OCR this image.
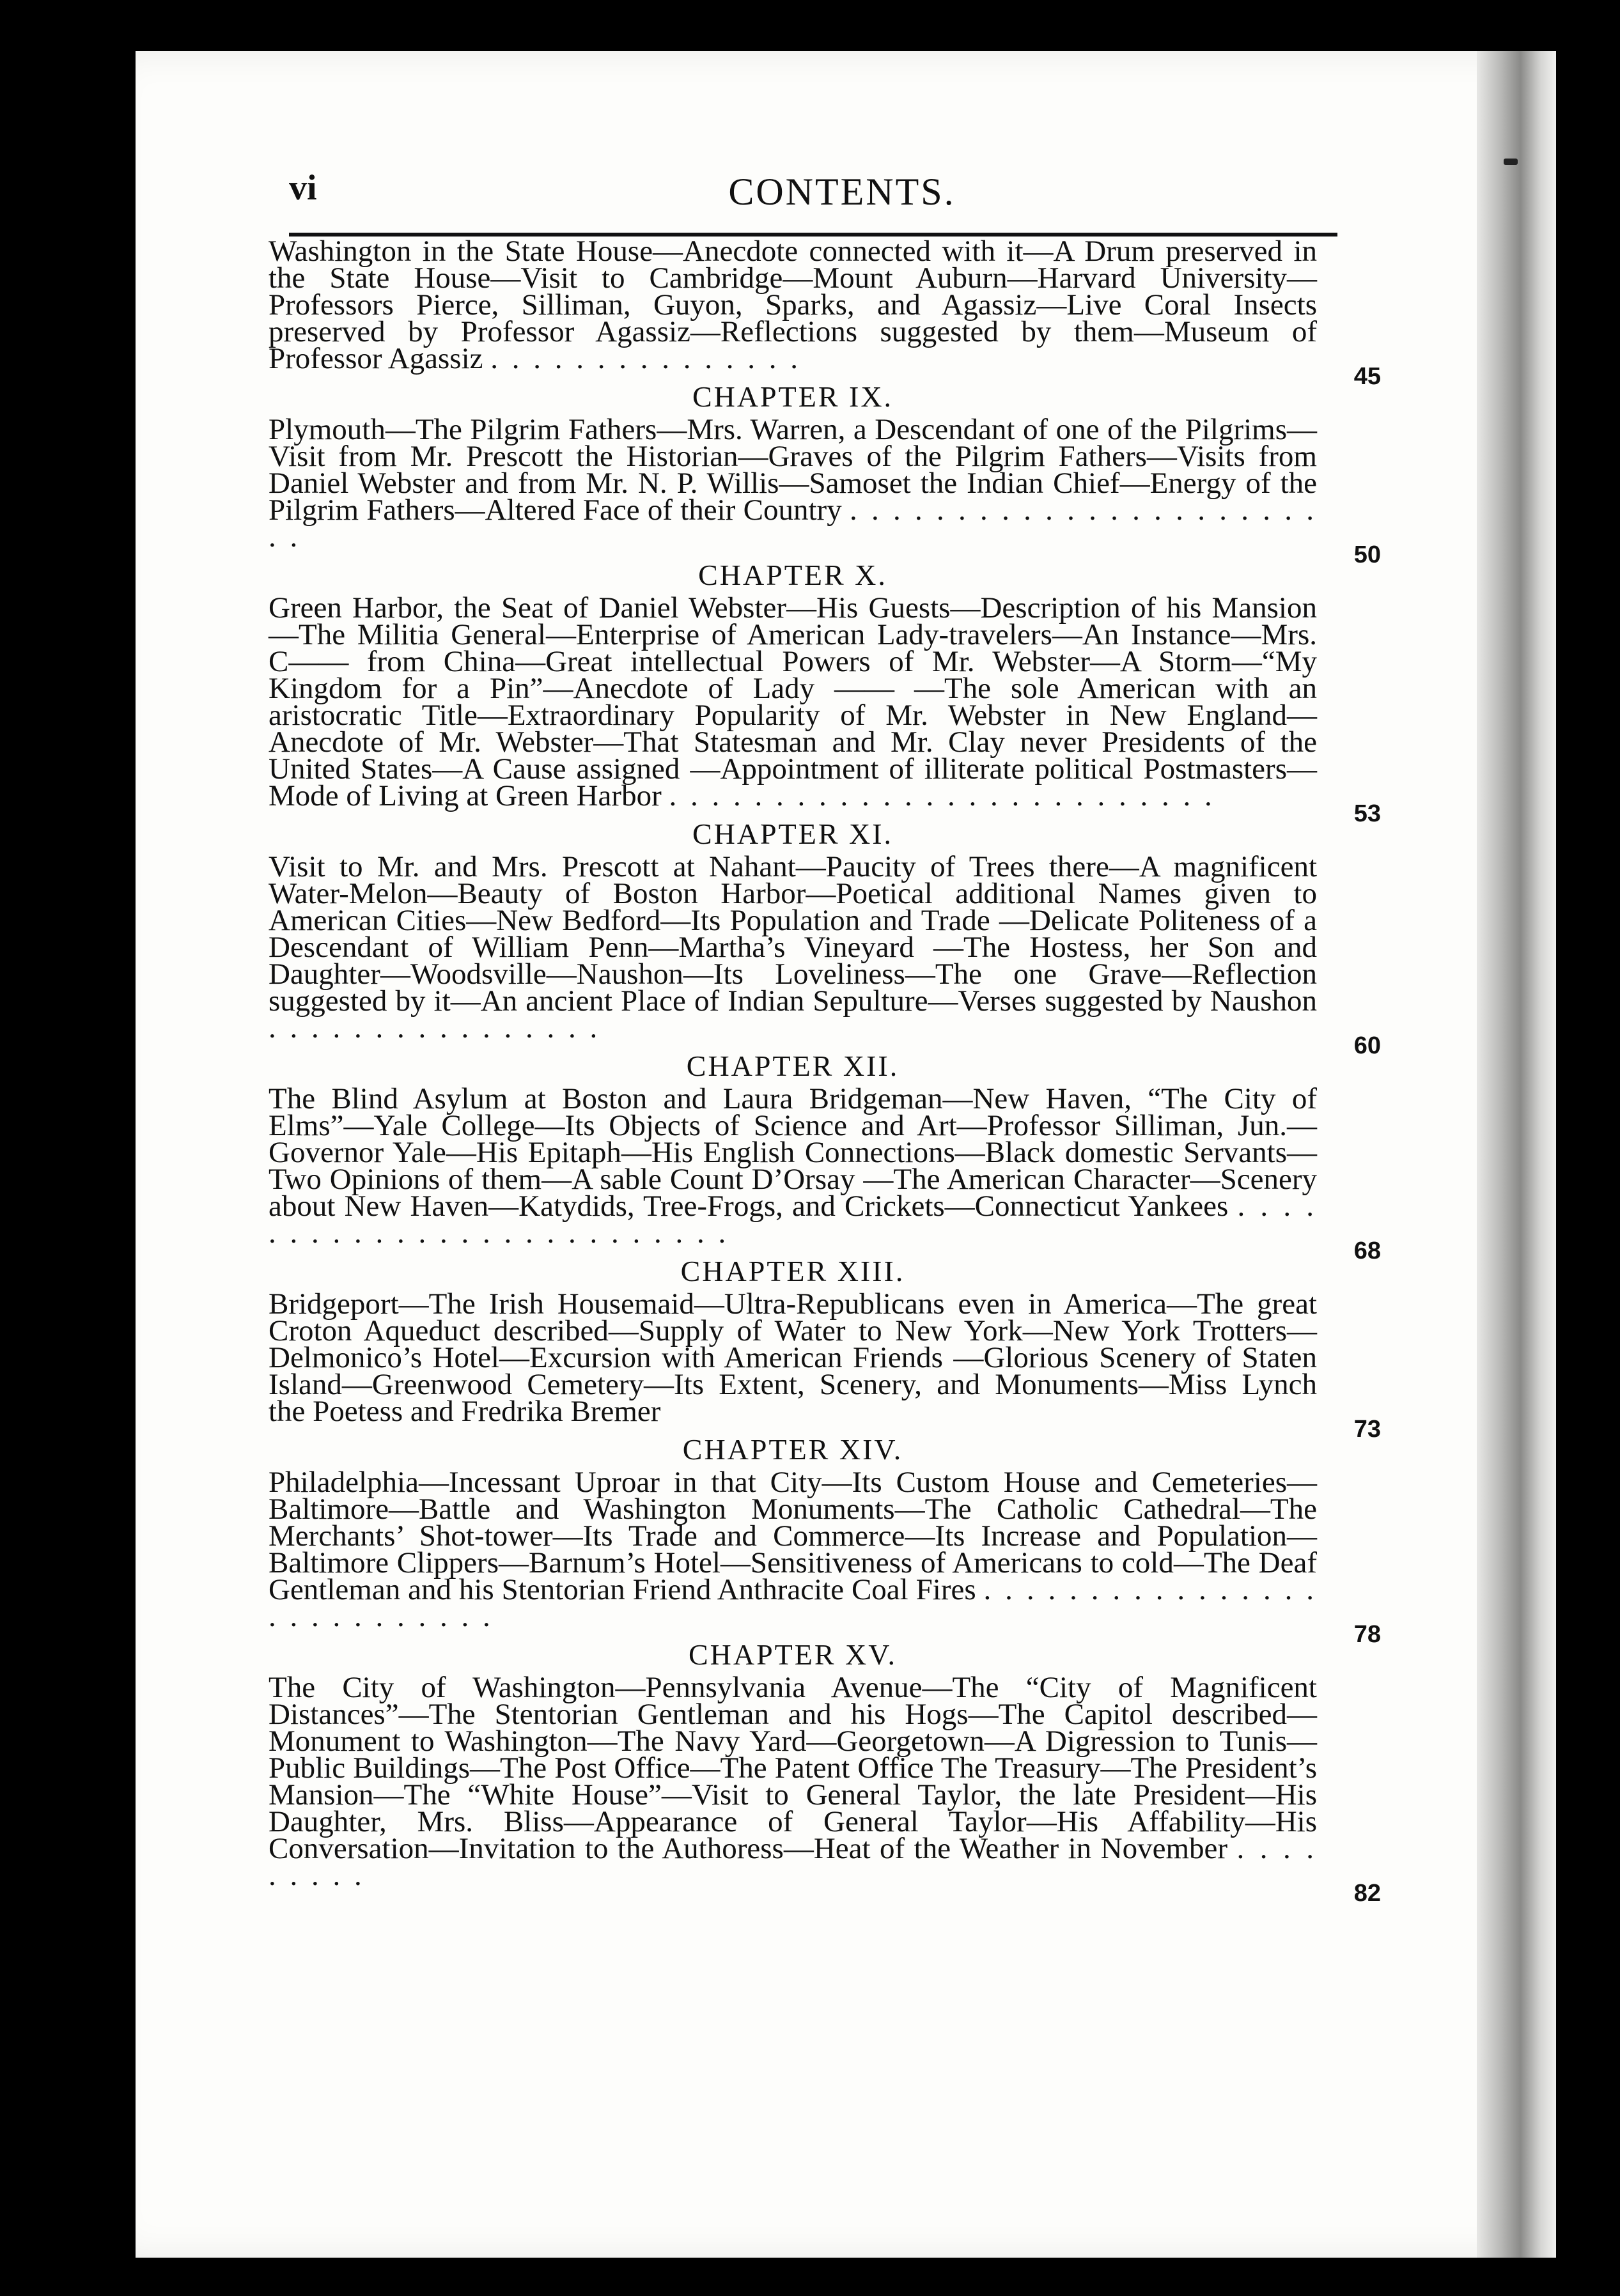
vi	CONTENTS.
Washington in the State House—Anecdote connected with it—A Drum preserved in the State House—Visit to Cambridge—Mount Auburn—Harvard University—Professors Pierce, Silliman, Guyon, Sparks, and Agassiz—Live Coral Insects preserved by Professor Agassiz—Reflections suggested by them—Museum of Professor Agassiz . . . . . . . . . . . . . . .
45
CHAPTER IX.
Plymouth—The Pilgrim Fathers—Mrs. Warren, a Descendant of one of the Pilgrims—Visit from Mr. Prescott the Historian—Graves of the Pilgrim Fathers—Visits from Daniel Webster and from Mr. N. P. Willis—Samoset the Indian Chief—Energy of the Pilgrim Fathers—Altered Face of their Country . . . . . . . . . . . . . . . . . . . . . . . .
50
CHAPTER X.
Green Harbor, the Seat of Daniel Webster—His Guests—Description of his Mansion—The Militia General—Enterprise of American Lady-travelers—An Instance—Mrs. C—— from China—Great intellectual Powers of Mr. Webster—A Storm—“My Kingdom for a Pin”—Anecdote of Lady —— —The sole American with an aristocratic Title—Extraordinary Popularity of Mr. Webster in New England—Anecdote of Mr. Webster—That Statesman and Mr. Clay never Presidents of the United States—A Cause assigned —Appointment of illiterate political Postmasters—Mode of Living at Green Harbor . . . . . . . . . . . . . . . . . . . . . . . . . .
53
CHAPTER XI.
Visit to Mr. and Mrs. Prescott at Nahant—Paucity of Trees there—A magnificent Water-Melon—Beauty of Boston Harbor—Poetical additional Names given to American Cities—New Bedford—Its Population and Trade —Delicate Politeness of a Descendant of William Penn—Martha’s Vineyard —The Hostess, her Son and Daughter—Woodsville—Naushon—Its Loveliness—The one Grave—Reflection suggested by it—An ancient Place of Indian Sepulture—Verses suggested by Naushon . . . . . . . . . . . . . . . .
60
CHAPTER XII.
The Blind Asylum at Boston and Laura Bridgeman—New Haven, “The City of Elms”—Yale College—Its Objects of Science and Art—Professor Silliman, Jun.—Governor Yale—His Epitaph—His English Connections—Black domestic Servants—Two Opinions of them—A sable Count D’Orsay —The American Character—Scenery about New Haven—Katydids, Tree-Frogs, and Crickets—Connecticut Yankees . . . . . . . . . . . . . . . . . . . . . . . . . .
68
CHAPTER XIII.
Bridgeport—The Irish Housemaid—Ultra-Republicans even in America—The great Croton Aqueduct described—Supply of Water to New York—New York Trotters—Delmonico’s Hotel—Excursion with American Friends —Glorious Scenery of Staten Island—Greenwood Cemetery—Its Extent, Scenery, and Monuments—Miss Lynch the Poetess and Fredrika Bremer
73
CHAPTER XIV.
Philadelphia—Incessant Uproar in that City—Its Custom House and Cemeteries—Baltimore—Battle and Washington Monuments—The Catholic Cathedral—The Merchants’ Shot-tower—Its Trade and Commerce—Its Increase and Population—Baltimore Clippers—Barnum’s Hotel—Sensitiveness of Americans to cold—The Deaf Gentleman and his Stentorian Friend Anthracite Coal Fires . . . . . . . . . . . . . . . . . . . . . . . . . . .
78
CHAPTER XV.
The City of Washington—Pennsylvania Avenue—The “City of Magnificent Distances”—The Stentorian Gentleman and his Hogs—The Capitol described—Monument to Washington—The Navy Yard—Georgetown—A Digression to Tunis—Public Buildings—The Post Office—The Patent Office The Treasury—The President’s Mansion—The “White House”—Visit to General Taylor, the late President—His Daughter, Mrs. Bliss—Appearance of General Taylor—His Affability—His Conversation—Invitation to the Authoress—Heat of the Weather in November . . . . . . . . .
82
